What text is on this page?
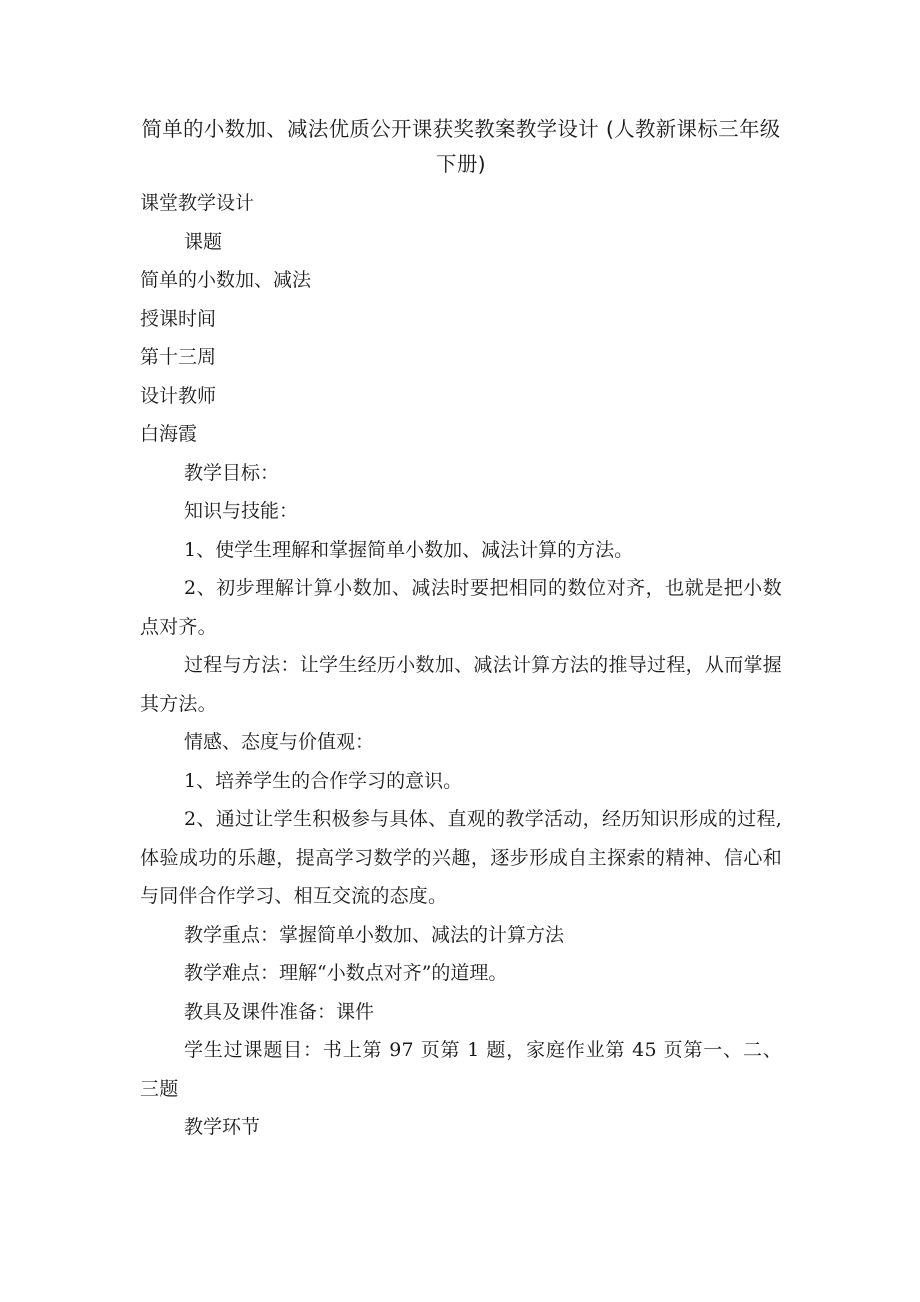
简单的小数加、减法优质公开课获奖教案教学设计 (人教新课标三年级下册)

课堂教学设计

课题

简单的小数加、减法

授课时间

第十三周

设计教师

白海霞

教学目标：

知识与技能：

1、使学生理解和掌握简单小数加、减法计算的方法。

2、初步理解计算小数加、减法时要把相同的数位对齐，也就是把小数点对齐。

过程与方法：让学生经历小数加、减法计算方法的推导过程，从而掌握其方法。

情感、态度与价值观：

1、培养学生的合作学习的意识。

2、通过让学生积极参与具体、直观的教学活动，经历知识形成的过程,体验成功的乐趣，提高学习数学的兴趣，逐步形成自主探索的精神、信心和与同伴合作学习、相互交流的态度。

教学重点：掌握简单小数加、减法的计算方法

教学难点：理解“小数点对齐”的道理。

教具及课件准备：课件

学生过课题目：书上第 97 页第 1 题，家庭作业第 45 页第一、二、三题

教学环节
